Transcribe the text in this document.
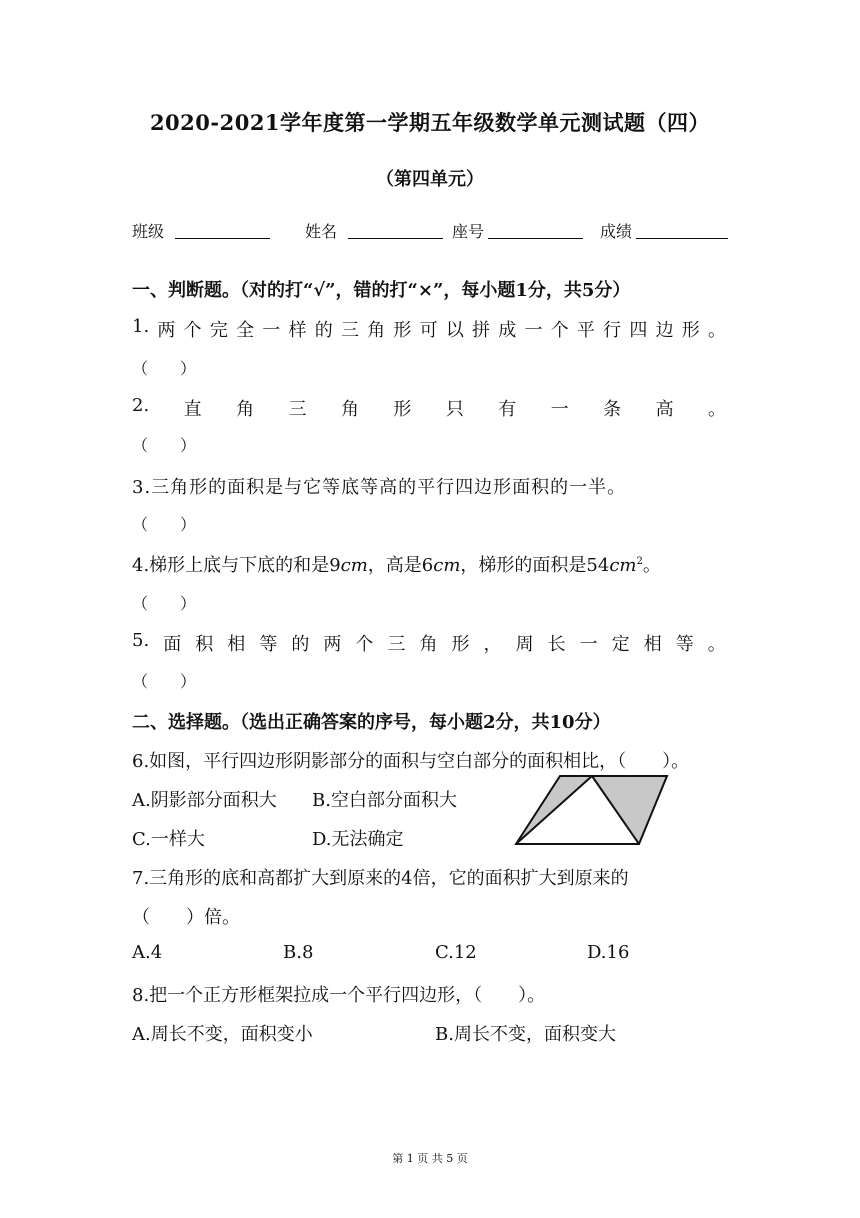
2020-2021学年度第一学期五年级数学单元测试题（四）
（第四单元）
班级	姓名	座号	成绩
一、判断题。（对的打“√”，错的打“×”，每小题1分，共5分）
1. 两 个 完 全 一 样 的 三 角 形 可 以 拼 成 一 个 平 行 四 边 形 。
（　　）
2. 直 角 三 角 形 只 有 一 条 高 。
（　　）
3.三角形的面积是与它等底等高的平行四边形面积的一半。
（　　）
4.梯形上底与下底的和是9cm，高是6cm，梯形的面积是$54cm^2$。
（　　）
5. 面 积 相 等 的 两 个 三 角 形 ， 周 长 一 定 相 等 。
（　　）
二、选择题。（选出正确答案的序号，每小题2分，共10分）
6.如图，平行四边形阴影部分的面积与空白部分的面积相比，（　　）。
A.阴影部分面积大 B.空白部分面积大
C.一样大	D.无法确定
7.三角形的底和高都扩大到原来的4倍，它的面积扩大到原来的
（　　）倍。
A.4	B.8	C.12	D.16
8.把一个正方形框架拉成一个平行四边形，（　　）。
A.周长不变，面积变小	B.周长不变，面积变大
第 1 页 共 5 页
